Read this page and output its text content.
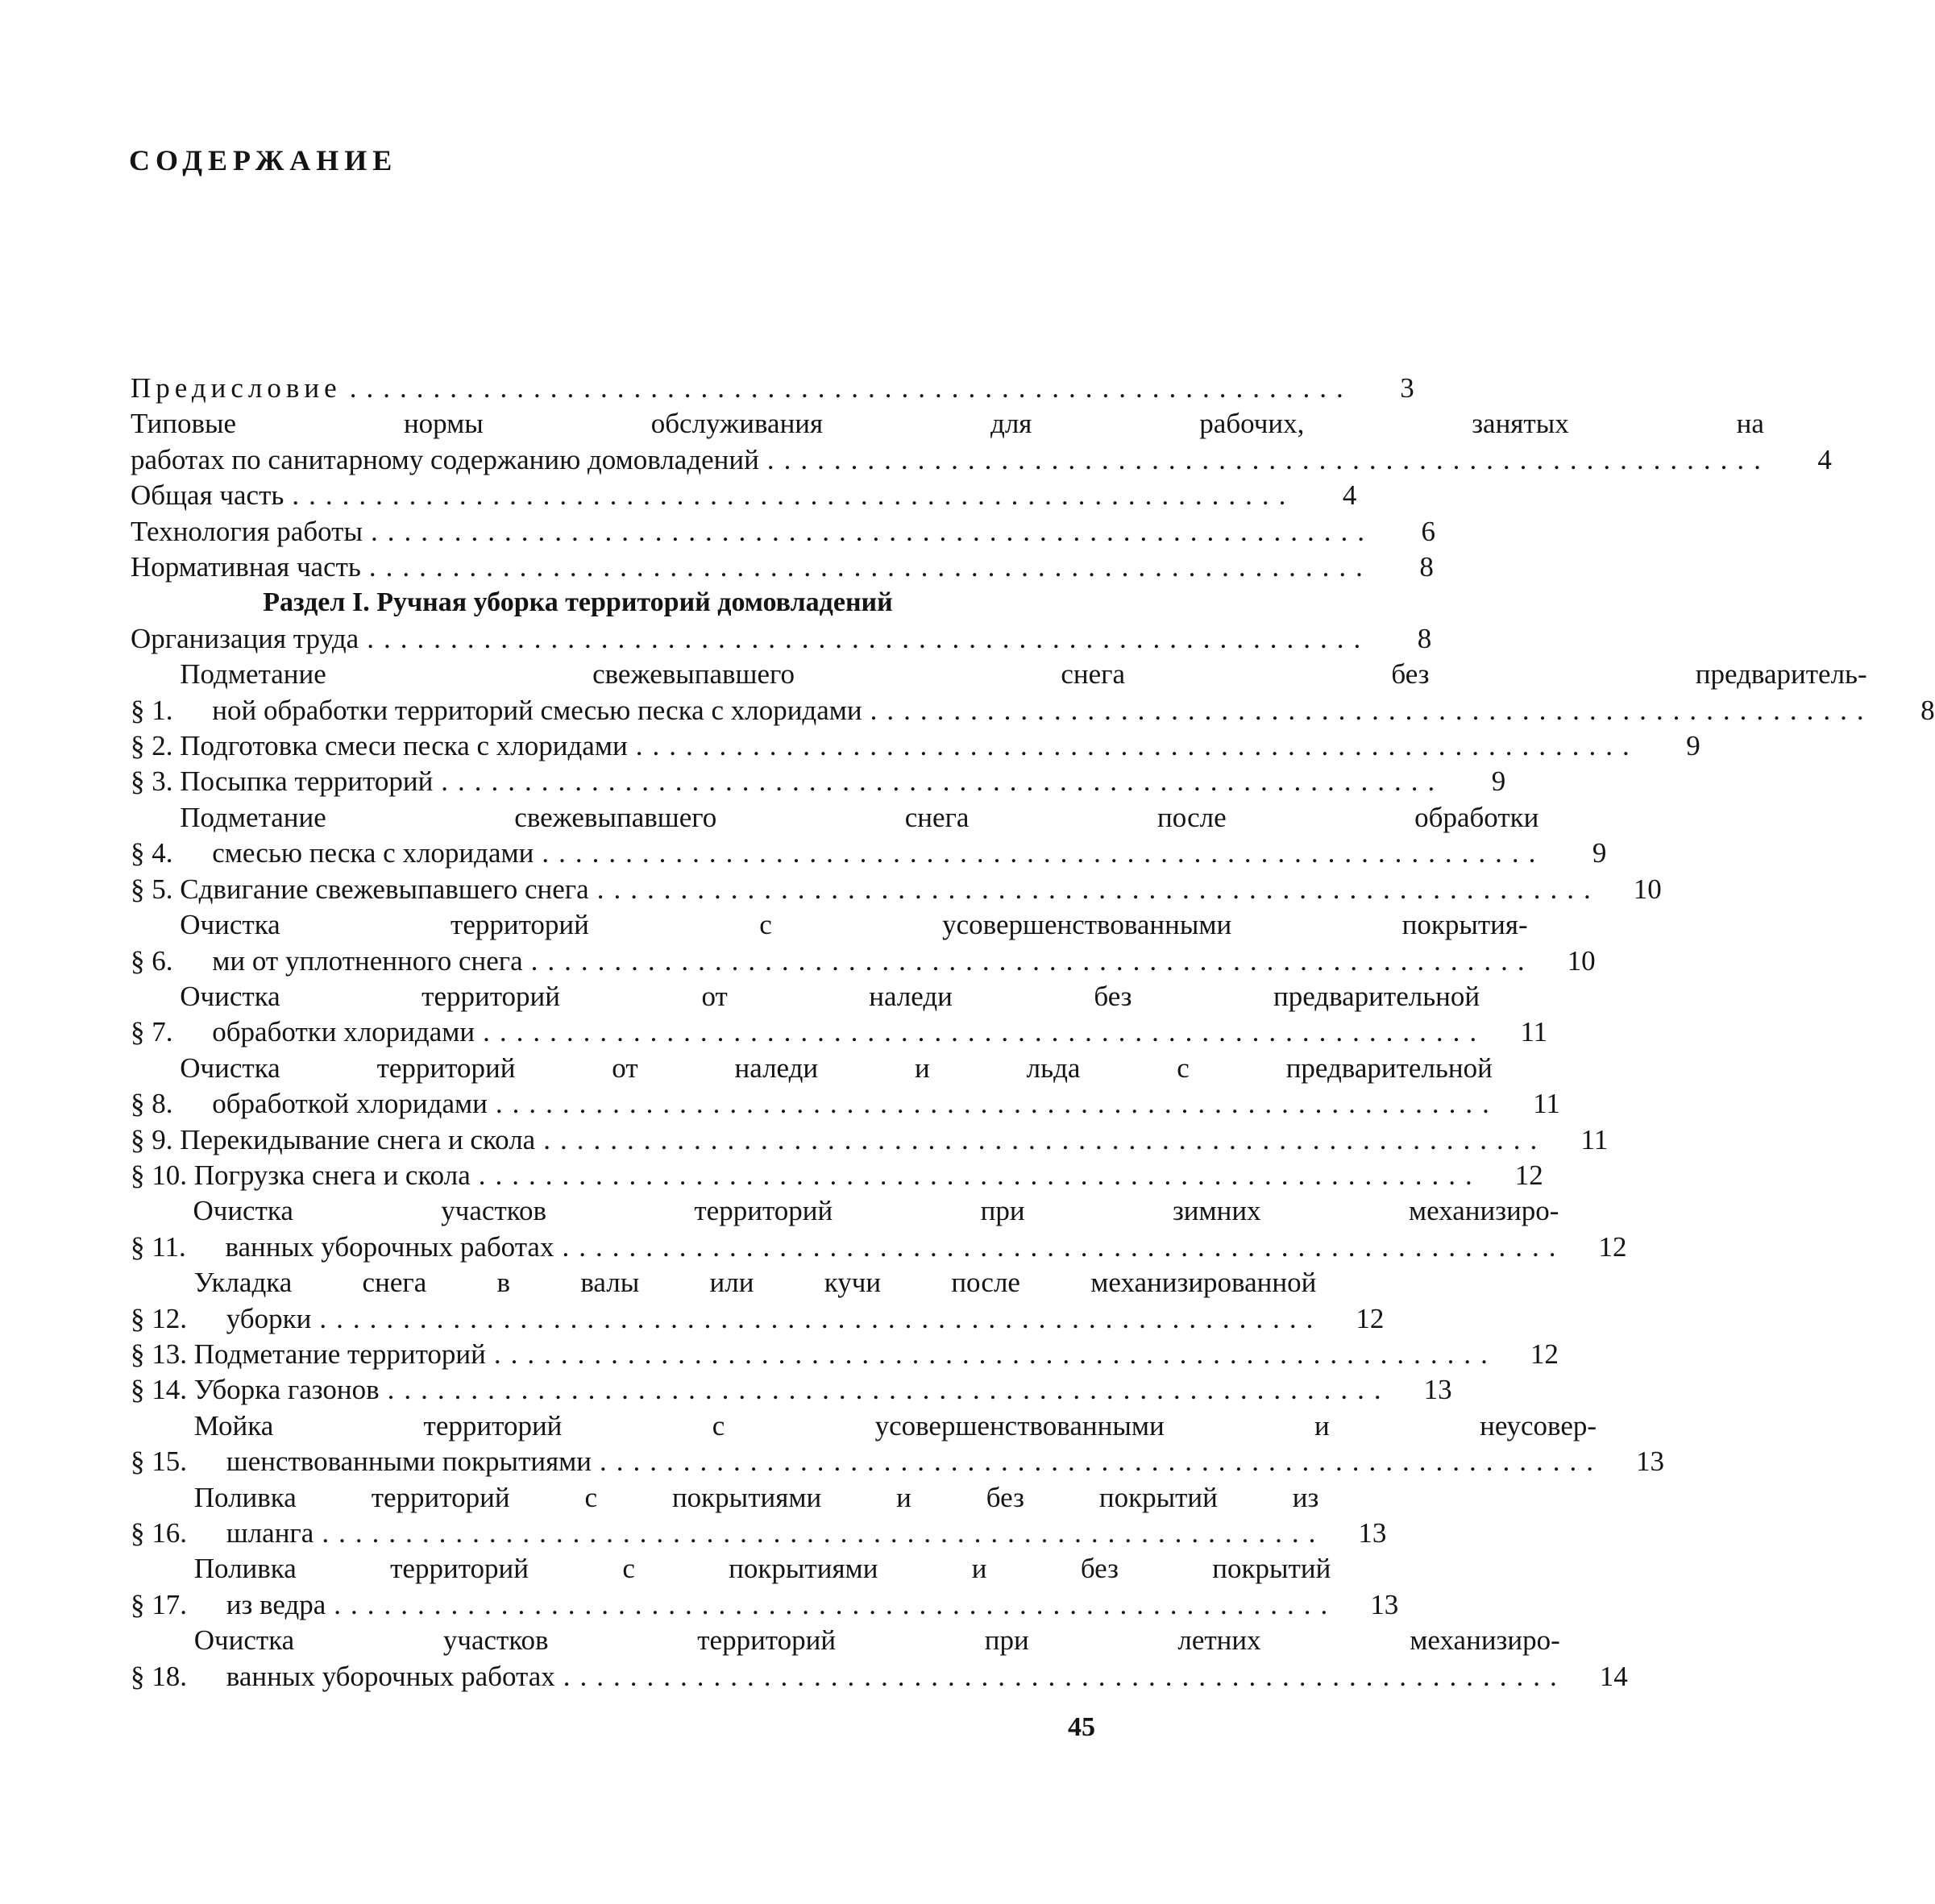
СОДЕРЖАНИЕ
Предисловие ............................................................	3
Типовые нормы обслуживания для рабочих, занятых на
работах по санитарному содержанию домовладений ............................................................	4
Общая часть ............................................................	4
Технология работы ............................................................	6
Нормативная часть ............................................................	8
Раздел I. Ручная уборка территорий домовладений
Организация труда ............................................................	8
§ 1.
Подметание свежевыпавшего снега без предваритель-
ной обработки территорий смесью песка с хлоридами ............................................................	8
§ 2. Подготовка смеси песка с хлоридами ............................................................	9
§ 3. Посыпка территорий ............................................................	9
§ 4.
Подметание свежевыпавшего снега после обработки
смесью песка с хлоридами ............................................................	9
§ 5. Сдвигание свежевыпавшего снега ............................................................	10
§ 6.
Очистка территорий с усовершенствованными покрытия-
ми от уплотненного снега ............................................................	10
§ 7.
Очистка территорий от наледи без предварительной
обработки хлоридами ............................................................	11
§ 8.
Очистка территорий от наледи и льда с предварительной
обработкой хлоридами ............................................................	11
§ 9. Перекидывание снега и скола ............................................................	11
§ 10. Погрузка снега и скола ............................................................	12
§ 11.
Очистка участков территорий при зимних механизиро-
ванных уборочных работах ............................................................	12
§ 12.
Укладка снега в валы или кучи после механизированной
уборки ............................................................	12
§ 13. Подметание территорий ............................................................	12
§ 14. Уборка газонов ............................................................	13
§ 15.
Мойка территорий с усовершенствованными и неусовер-
шенствованными покрытиями ............................................................	13
§ 16.
Поливка территорий с покрытиями и без покрытий из
шланга ............................................................	13
§ 17.
Поливка территорий с покрытиями и без покрытий
из ведра ............................................................	13
§ 18.
Очистка участков территорий при летних механизиро-
ванных уборочных работах ............................................................	14
45
